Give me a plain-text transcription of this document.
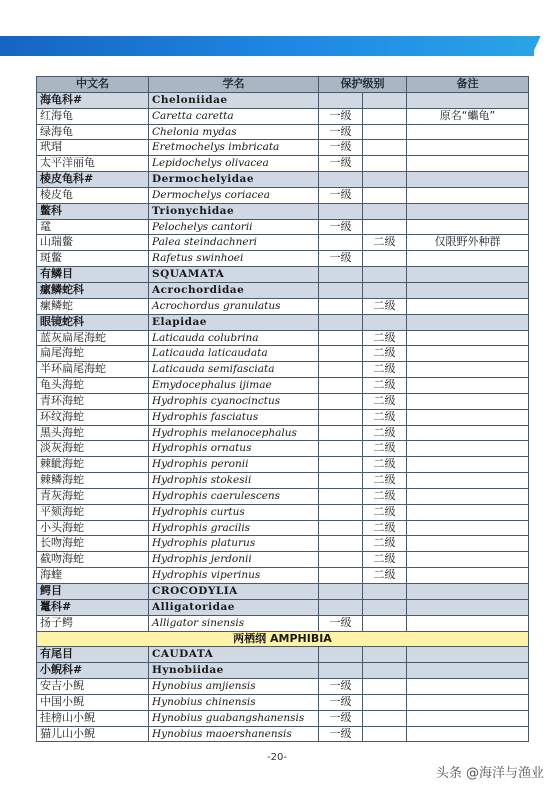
中文名	学名	保护级别		备注
海龟科#	Cheloniidae			
红海龟	Caretta caretta	一级		原名“蠵龟”
绿海龟	Chelonia mydas	一级		
玳瑁	Eretmochelys imbricata	一级		
太平洋丽龟	Lepidochelys olivacea	一级		
棱皮龟科#	Dermochelyidae			
棱皮龟	Dermochelys coriacea	一级		
鳖科	Trionychidae			
鼋	Pelochelys cantorii	一级		
山瑞鳖	Palea steindachneri		二级	仅限野外种群
斑鳖	Rafetus swinhoei	一级		
有鳞目	SQUAMATA			
瘰鳞蛇科	Acrochordidae			
瘰鳞蛇	Acrochordus granulatus		二级	
眼镜蛇科	Elapidae			
蓝灰扁尾海蛇	Laticauda colubrina		二级	
扁尾海蛇	Laticauda laticaudata		二级	
半环扁尾海蛇	Laticauda semifasciata		二级	
龟头海蛇	Emydocephalus ijimae		二级	
青环海蛇	Hydrophis cyanocinctus		二级	
环纹海蛇	Hydrophis fasciatus		二级	
黑头海蛇	Hydrophis melanocephalus		二级	
淡灰海蛇	Hydrophis ornatus		二级	
棘眦海蛇	Hydrophis peronii		二级	
棘鳞海蛇	Hydrophis stokesii		二级	
青灰海蛇	Hydrophis caerulescens		二级	
平颏海蛇	Hydrophis curtus		二级	
小头海蛇	Hydrophis gracilis		二级	
长吻海蛇	Hydrophis platurus		二级	
截吻海蛇	Hydrophis jerdonii		二级	
海蝰	Hydrophis viperinus		二级	
鳄目	CROCODYLIA			
鼍科#	Alligatoridae			
扬子鳄	Alligator sinensis	一级		
两栖纲 AMPHIBIA				
有尾目	CAUDATA			
小鲵科#	Hynobiidae			
安吉小鲵	Hynobius amjiensis	一级		
中国小鲵	Hynobius chinensis	一级		
挂榜山小鲵	Hynobius guabangshanensis	一级		
猫儿山小鲵	Hynobius maoershanensis	一级		
-20-
头条 @海洋与渔业
